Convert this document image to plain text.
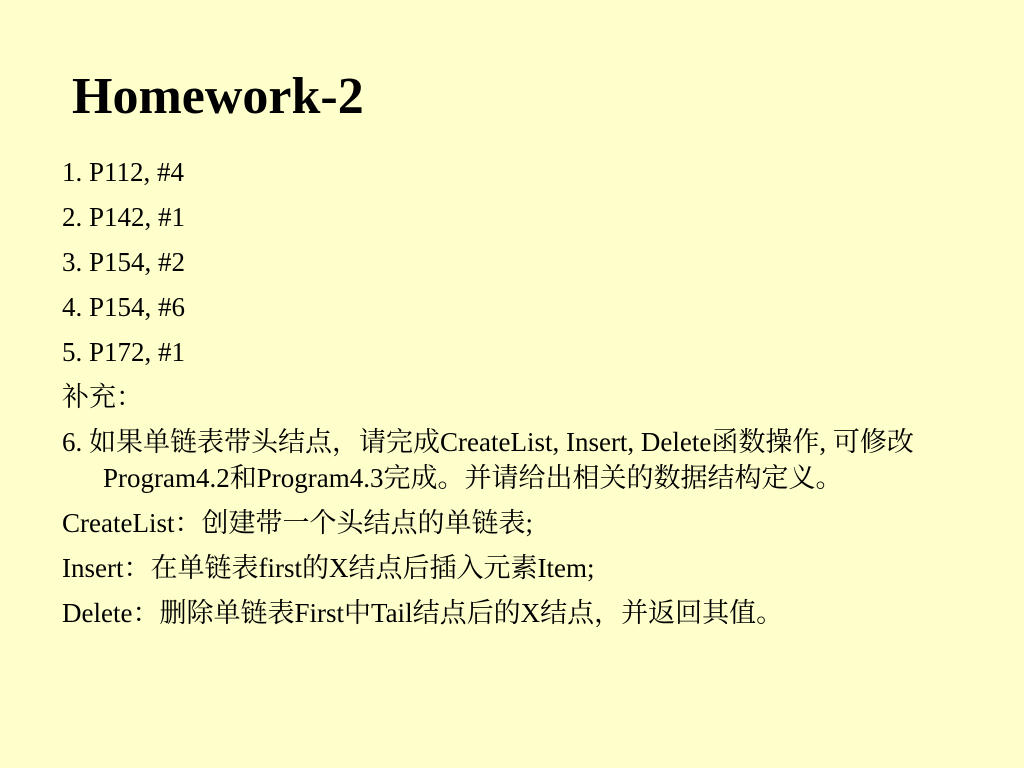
Homework-2

1. P112, #4

2. P142, #1

3. P154, #2

4. P154, #6

5. P172, #1

补充：

6. 如果单链表带头结点，请完成CreateList, Insert, Delete函数操作, 可修改Program4.2和Program4.3完成。并请给出相关的数据结构定义。

CreateList：创建带一个头结点的单链表;

Insert：在单链表first的X结点后插入元素Item;

Delete：删除单链表First中Tail结点后的X结点，并返回其值。
